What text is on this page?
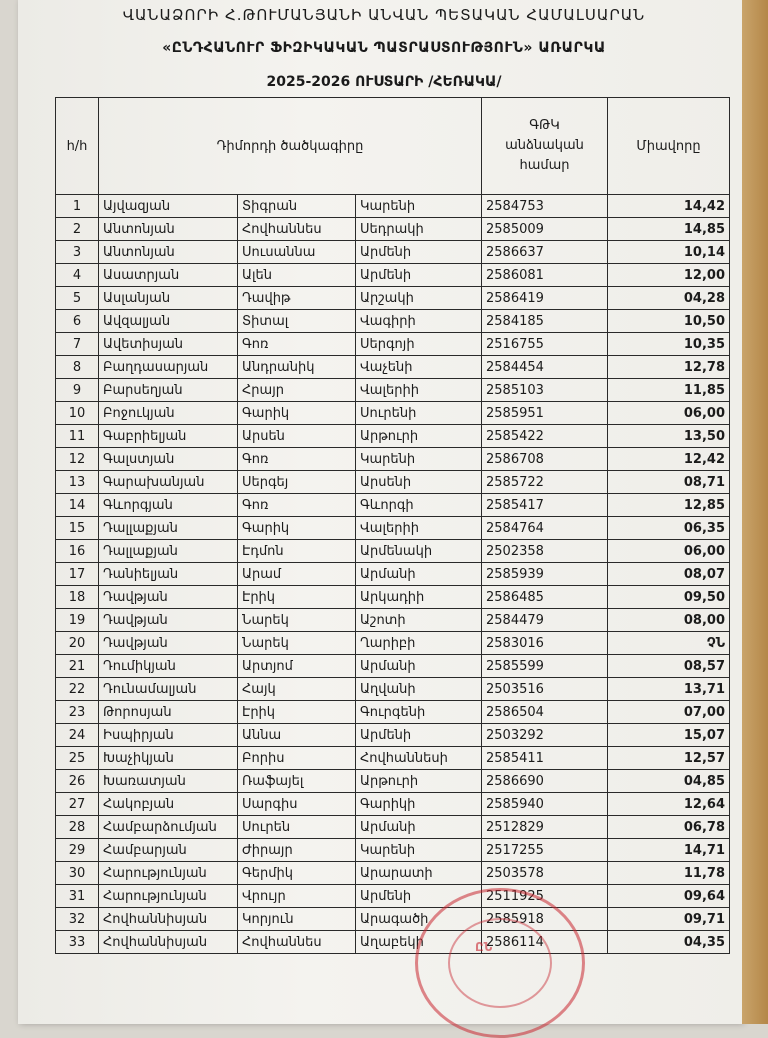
ՎԱՆԱՁՈՐԻ Հ.ԹՈՒՄԱՆՅԱՆԻ ԱՆՎԱՆ ՊԵՏԱԿԱՆ ՀԱՄԱԼՍԱՐԱՆ
«ԸՆԴՀԱՆՈՒՐ ՖԻԶԻԿԱԿԱՆ ՊԱՏՐԱՍՏՈՒԹՅՈՒՆ» ԱՌԱՐԿԱ
2025-2026 ՈՒՍՏԱՐԻ /ՀԵՌԱԿԱ/
հ/հ	Դիմորդի ծածկագիրը			ԳԹԿ
անձնական
համար	Միավորը
1	Այվազյան	Տիգրան	Կարենի	2584753	14,42
2	Անտոնյան	Հովհաննես	Սեդրակի	2585009	14,85
3	Անտոնյան	Սուսաննա	Արմենի	2586637	10,14
4	Ասատրյան	Ալեն	Արմենի	2586081	12,00
5	Ասլանյան	Դավիթ	Արշակի	2586419	04,28
6	Ավզալյան	Տիտալ	Վագիրի	2584185	10,50
7	Ավետիսյան	Գոռ	Սերգոյի	2516755	10,35
8	Բաղդասարյան	Անդրանիկ	Վաչենի	2584454	12,78
9	Բարսեղյան	Հրայր	Վալերիի	2585103	11,85
10	Բոջուկյան	Գարիկ	Սուրենի	2585951	06,00
11	Գաբրիելյան	Արսեն	Արթուրի	2585422	13,50
12	Գալստյան	Գոռ	Կարենի	2586708	12,42
13	Գարախանյան	Սերգեյ	Արսենի	2585722	08,71
14	Գևորգյան	Գոռ	Գևորգի	2585417	12,85
15	Դալլաքյան	Գարիկ	Վալերիի	2584764	06,35
16	Դալլաքյան	Էդմոն	Արմենակի	2502358	06,00
17	Դանիելյան	Արամ	Արմանի	2585939	08,07
18	Դավթյան	Էրիկ	Արկադիի	2586485	09,50
19	Դավթյան	Նարեկ	Աշոտի	2584479	08,00
20	Դավթյան	Նարեկ	Ղարիբի	2583016	ՉՆ
21	Դումիկյան	Արտյոմ	Արմանի	2585599	08,57
22	Դունամալյան	Հայկ	Աղվանի	2503516	13,71
23	Թորոսյան	Էրիկ	Գուրգենի	2586504	07,00
24	Իսպիրյան	Աննա	Արմենի	2503292	15,07
25	Խաչիկյան	Բորիս	Հովհաննեսի	2585411	12,57
26	Խառատյան	Ռաֆայել	Արթուրի	2586690	04,85
27	Հակոբյան	Սարգիս	Գարիկի	2585940	12,64
28	Համբարձումյան	Սուրեն	Արմանի	2512829	06,78
29	Համբարյան	Ժիրայր	Կարենի	2517255	14,71
30	Հարությունյան	Գերմիկ	Արարատի	2503578	11,78
31	Հարությունյան	Վրույր	Արմենի	2511925	09,64
32	Հովհաննիսյան	Կորյուն	Արագածի	2585918	09,71
33	Հովհաննիսյան	Հովհաննես	Աղաբեկի	2586114	04,35
ԸՆ
